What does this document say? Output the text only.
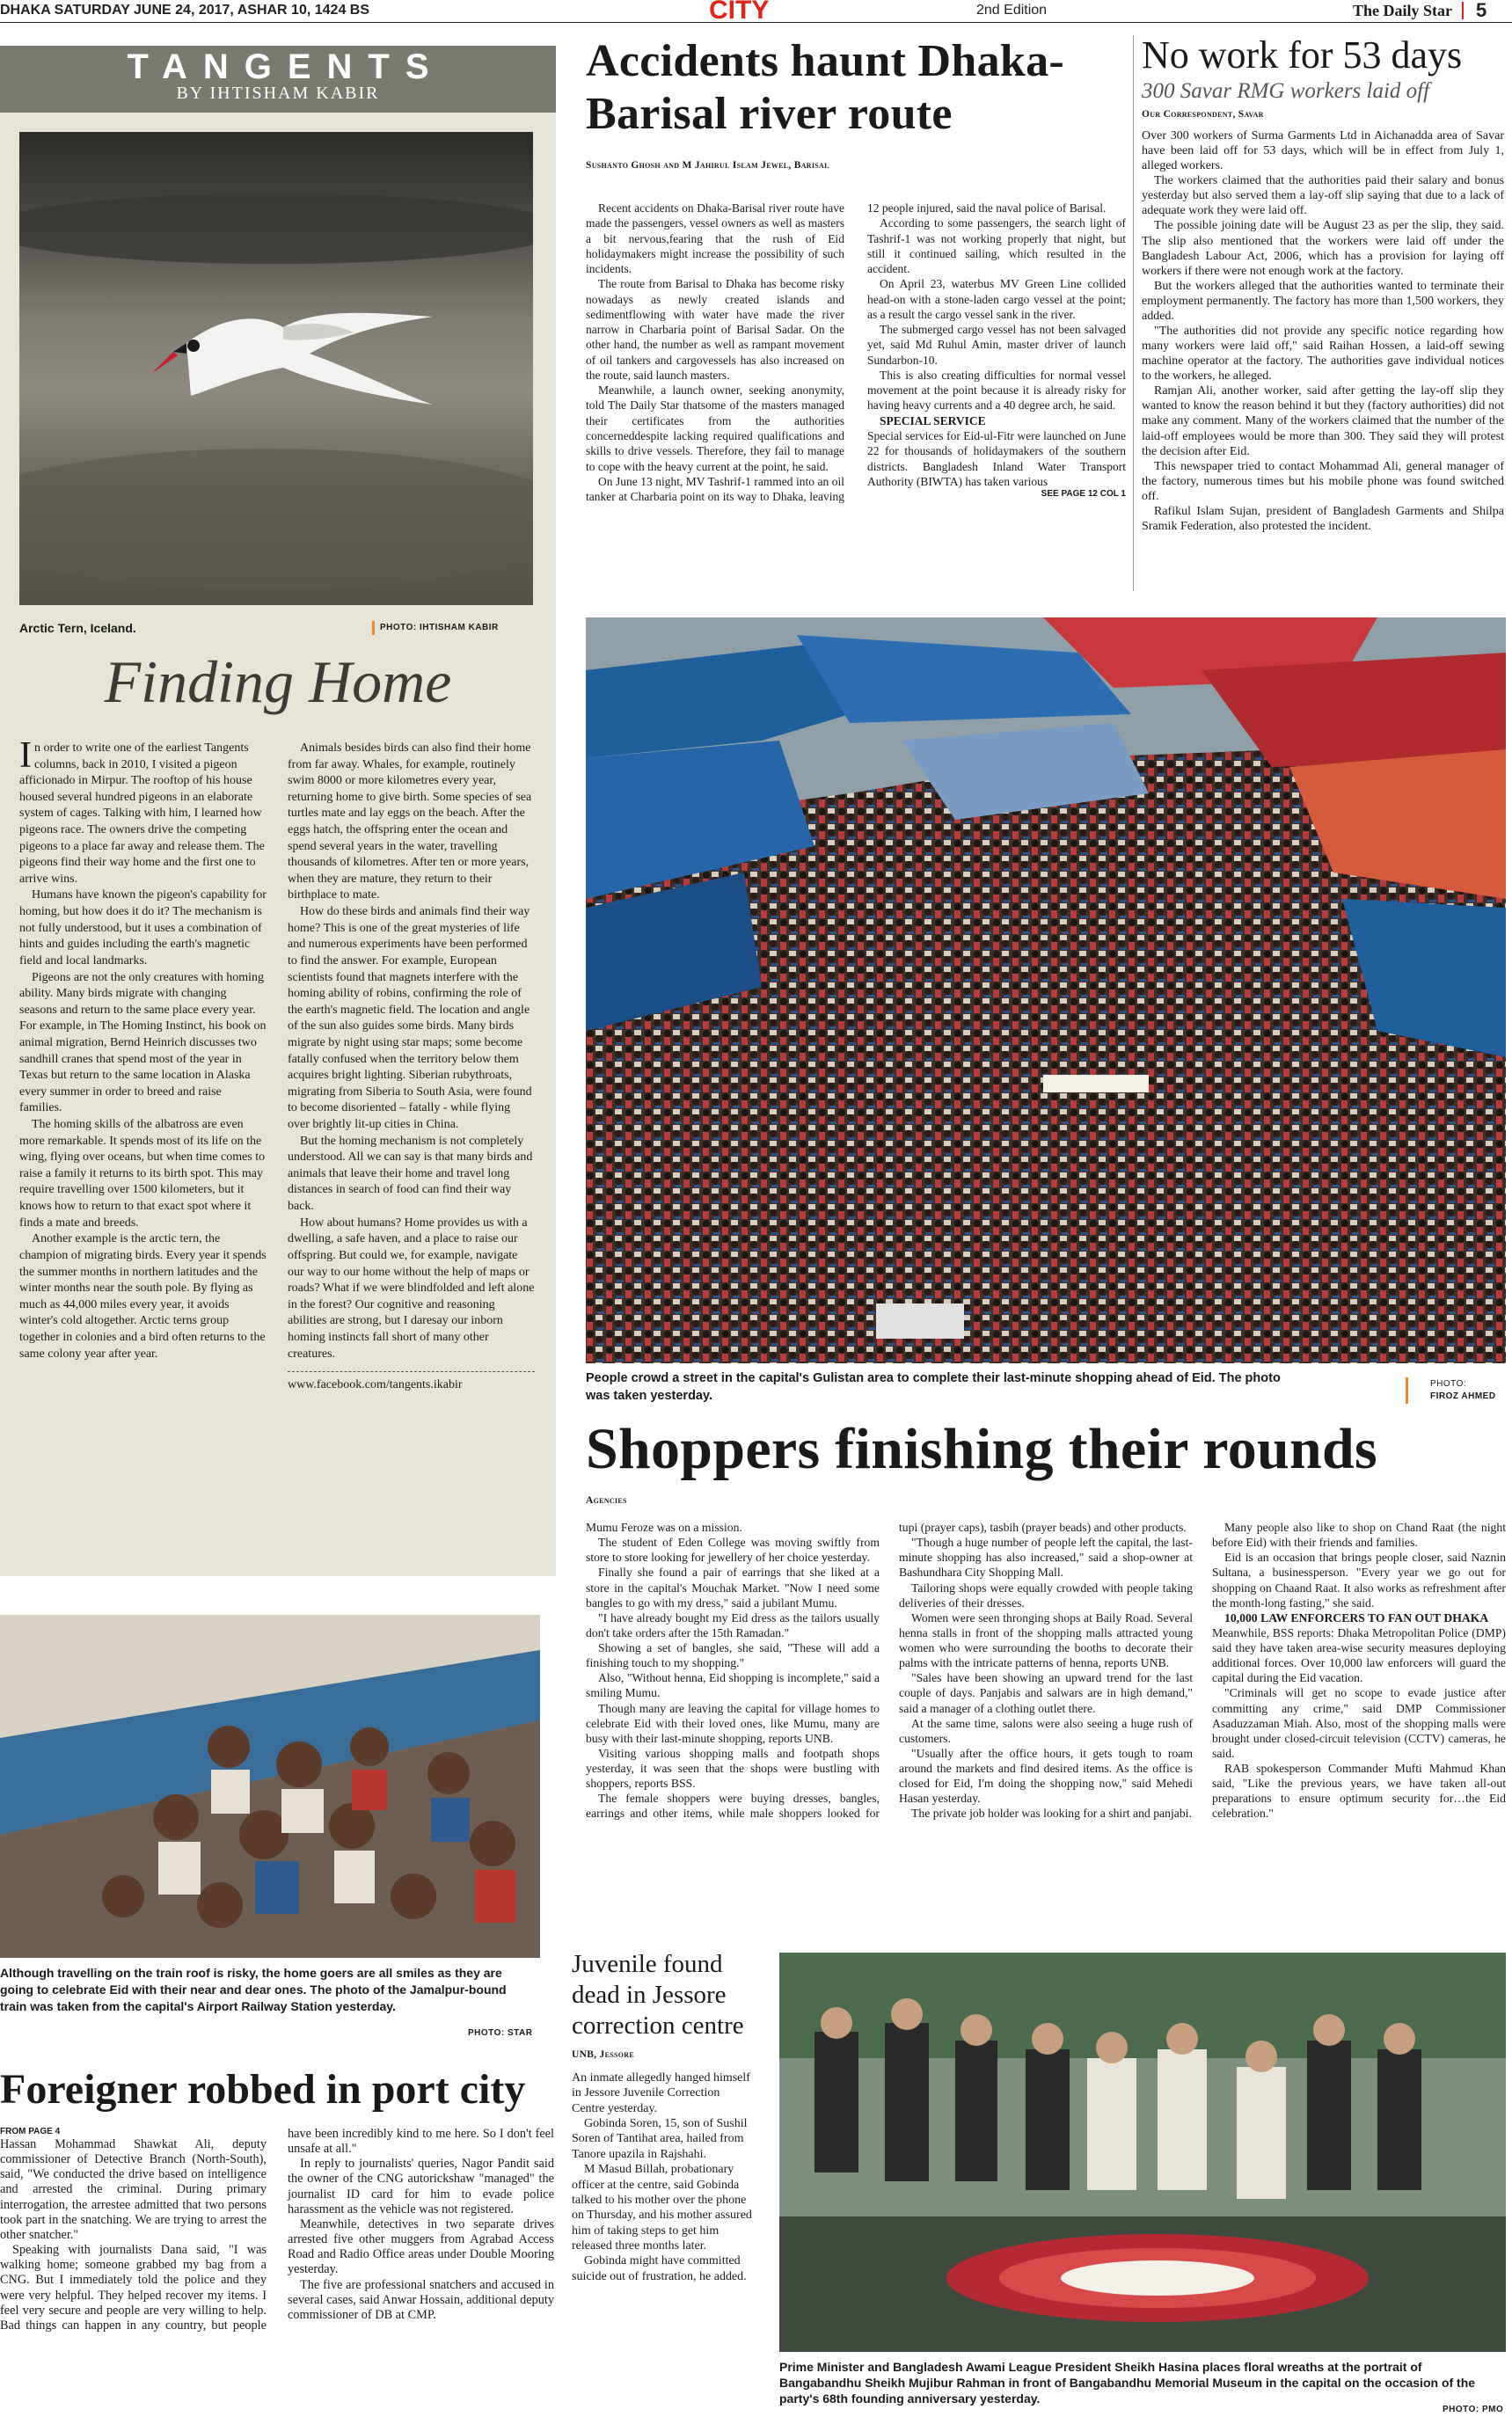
DHAKA SATURDAY JUNE 24, 2017, ASHAR 10, 1424 BS	CITY	2nd Edition	The Daily Star 5
TANGENTS
BY IHTISHAM KABIR
Arctic Tern, Iceland.	PHOTO: IHTISHAM KABIR
Finding Home

In order to write one of the earliest Tangents columns, back in 2010, I visited a pigeon afficionado in Mirpur. The rooftop of his house housed several hundred pigeons in an elaborate system of cages. Talking with him, I learned how pigeons race. The owners drive the competing pigeons to a place far away and release them. The pigeons find their way home and the first one to arrive wins.

Humans have known the pigeon's capability for homing, but how does it do it? The mechanism is not fully understood, but it uses a combination of hints and guides including the earth's magnetic field and local landmarks.

Pigeons are not the only creatures with homing ability. Many birds migrate with changing seasons and return to the same place every year. For example, in The Homing Instinct, his book on animal migration, Bernd Heinrich discusses two sandhill cranes that spend most of the year in Texas but return to the same location in Alaska every summer in order to breed and raise families.

The homing skills of the albatross are even more remarkable. It spends most of its life on the wing, flying over oceans, but when time comes to raise a family it returns to its birth spot. This may require travelling over 1500 kilometers, but it knows how to return to that exact spot where it finds a mate and breeds.

Another example is the arctic tern, the champion of migrating birds. Every year it spends the summer months in northern latitudes and the winter months near the south pole. By flying as much as 44,000 miles every year, it avoids winter's cold altogether. Arctic terns group together in colonies and a bird often returns to the same colony year after year.

Animals besides birds can also find their home from far away. Whales, for example, routinely swim 8000 or more kilometres every year, returning home to give birth. Some species of sea turtles mate and lay eggs on the beach. After the eggs hatch, the offspring enter the ocean and spend several years in the water, travelling thousands of kilometres. After ten or more years, when they are mature, they return to their birthplace to mate.

How do these birds and animals find their way home? This is one of the great mysteries of life and numerous experiments have been performed to find the answer. For example, European scientists found that magnets interfere with the homing ability of robins, confirming the role of the earth's magnetic field. The location and angle of the sun also guides some birds. Many birds migrate by night using star maps; some become fatally confused when the territory below them acquires bright lighting. Siberian rubythroats, migrating from Siberia to South Asia, were found to become disoriented – fatally - while flying over brightly lit-up cities in China.

But the homing mechanism is not completely understood. All we can say is that many birds and animals that leave their home and travel long distances in search of food can find their way back.

How about humans? Home provides us with a dwelling, a safe haven, and a place to raise our offspring. But could we, for example, navigate our way to our home without the help of maps or roads? What if we were blindfolded and left alone in the forest? Our cognitive and reasoning abilities are strong, but I daresay our inborn homing instincts fall short of many other creatures.

www.facebook.com/tangents.ikabir

Accidents haunt Dhaka-Barisal river route
Sushanto Ghosh and M Jahirul Islam Jewel, Barisal

Recent accidents on Dhaka-Barisal river route have made the passengers, vessel owners as well as masters a bit nervous,fearing that the rush of Eid holidaymakers might increase the possibility of such incidents.

The route from Barisal to Dhaka has become risky nowadays as newly created islands and sedimentflowing with water have made the river narrow in Charbaria point of Barisal Sadar. On the other hand, the number as well as rampant movement of oil tankers and cargovessels has also increased on the route, said launch masters.

Meanwhile, a launch owner, seeking anonymity, told The Daily Star thatsome of the masters managed their certificates from the authorities concerneddespite lacking required qualifications and skills to drive vessels. Therefore, they fail to manage to cope with the heavy current at the point, he said.

On June 13 night, MV Tashrif-1 rammed into an oil tanker at Charbaria point on its way to Dhaka, leaving 12 people injured, said the naval police of Barisal.

According to some passengers, the search light of Tashrif-1 was not working properly that night, but still it continued sailing, which resulted in the accident.

On April 23, waterbus MV Green Line collided head-on with a stone-laden cargo vessel at the point; as a result the cargo vessel sank in the river.

The submerged cargo vessel has not been salvaged yet, said Md Ruhul Amin, master driver of launch Sundarbon-10.

This is also creating difficulties for normal vessel movement at the point because it is already risky for having heavy currents and a 40 degree arch, he said.

SPECIAL SERVICE

Special services for Eid-ul-Fitr were launched on June 22 for thousands of holidaymakers of the southern districts. Bangladesh Inland Water Transport Authority (BIWTA) has taken various

SEE PAGE 12 COL 1

No work for 53 days
300 Savar RMG workers laid off
Our Correspondent, Savar

Over 300 workers of Surma Garments Ltd in Aichanadda area of Savar have been laid off for 53 days, which will be in effect from July 1, alleged workers.

The workers claimed that the authorities paid their salary and bonus yesterday but also served them a lay-off slip saying that due to a lack of adequate work they were laid off.

The possible joining date will be August 23 as per the slip, they said. The slip also mentioned that the workers were laid off under the Bangladesh Labour Act, 2006, which has a provision for laying off workers if there were not enough work at the factory.

But the workers alleged that the authorities wanted to terminate their employment permanently. The factory has more than 1,500 workers, they added.

"The authorities did not provide any specific notice regarding how many workers were laid off," said Raihan Hossen, a laid-off sewing machine operator at the factory. The authorities gave individual notices to the workers, he alleged.

Ramjan Ali, another worker, said after getting the lay-off slip they wanted to know the reason behind it but they (factory authorities) did not make any comment. Many of the workers claimed that the number of the laid-off employees would be more than 300. They said they will protest the decision after Eid.

This newspaper tried to contact Mohammad Ali, general manager of the factory, numerous times but his mobile phone was found switched off.

Rafikul Islam Sujan, president of Bangladesh Garments and Shilpa Sramik Federation, also protested the incident.

People crowd a street in the capital's Gulistan area to complete their last-minute shopping ahead of Eid. The photo was taken yesterday.
PHOTO:
FIROZ AHMED
Shoppers finishing their rounds
Agencies

Mumu Feroze was on a mission.

The student of Eden College was moving swiftly from store to store looking for jewellery of her choice yesterday.

Finally she found a pair of earrings that she liked at a store in the capital's Mouchak Market. "Now I need some bangles to go with my dress," said a jubilant Mumu.

"I have already bought my Eid dress as the tailors usually don't take orders after the 15th Ramadan."

Showing a set of bangles, she said, "These will add a finishing touch to my shopping."

Also, "Without henna, Eid shopping is incomplete," said a smiling Mumu.

Though many are leaving the capital for village homes to celebrate Eid with their loved ones, like Mumu, many are busy with their last-minute shopping, reports UNB.

Visiting various shopping malls and footpath shops yesterday, it was seen that the shops were bustling with shoppers, reports BSS.

The female shoppers were buying dresses, bangles, earrings and other items, while male shoppers looked for tupi (prayer caps), tasbih (prayer beads) and other products.

"Though a huge number of people left the capital, the last-minute shopping has also increased," said a shop-owner at Bashundhara City Shopping Mall.

Tailoring shops were equally crowded with people taking deliveries of their dresses.

Women were seen thronging shops at Baily Road. Several henna stalls in front of the shopping malls attracted young women who were surrounding the booths to decorate their palms with the intricate patterns of henna, reports UNB.

"Sales have been showing an upward trend for the last couple of days. Panjabis and salwars are in high demand," said a manager of a clothing outlet there.

At the same time, salons were also seeing a huge rush of customers.

"Usually after the office hours, it gets tough to roam around the markets and find desired items. As the office is closed for Eid, I'm doing the shopping now," said Mehedi Hasan yesterday.

The private job holder was looking for a shirt and panjabi.

Many people also like to shop on Chand Raat (the night before Eid) with their friends and families.

Eid is an occasion that brings people closer, said Naznin Sultana, a businessperson. "Every year we go out for shopping on Chaand Raat. It also works as refreshment after the month-long fasting," she said.

10,000 LAW ENFORCERS TO FAN OUT DHAKA

Meanwhile, BSS reports: Dhaka Metropolitan Police (DMP) said they have taken area-wise security measures deploying additional forces. Over 10,000 law enforcers will guard the capital during the Eid vacation.

"Criminals will get no scope to evade justice after committing any crime," said DMP Commissioner Asaduzzaman Miah. Also, most of the shopping malls were brought under closed-circuit television (CCTV) cameras, he said.

RAB spokesperson Commander Mufti Mahmud Khan said, "Like the previous years, we have taken all-out preparations to ensure optimum security for…the Eid celebration."

Although travelling on the train roof is risky, the home goers are all smiles as they are going to celebrate Eid with their near and dear ones. The photo of the Jamalpur-bound train was taken from the capital's Airport Railway Station yesterday.
PHOTO: STAR
Foreigner robbed in port city

FROM PAGE 4

Hassan Mohammad Shawkat Ali, deputy commissioner of Detective Branch (North-South), said, "We conducted the drive based on intelligence and arrested the criminal. During primary interrogation, the arrestee admitted that two persons took part in the snatching. We are trying to arrest the other snatcher."

Speaking with journalists Dana said, "I was walking home; someone grabbed my bag from a CNG. But I immediately told the police and they were very helpful. They helped recover my items. I feel very secure and people are very willing to help. Bad things can happen in any country, but people have been incredibly kind to me here. So I don't feel unsafe at all."

In reply to journalists' queries, Nagor Pandit said the owner of the CNG autorickshaw "managed" the journalist ID card for him to evade police harassment as the vehicle was not registered.

Meanwhile, detectives in two separate drives arrested five other muggers from Agrabad Access Road and Radio Office areas under Double Mooring yesterday.

The five are professional snatchers and accused in several cases, said Anwar Hossain, additional deputy commissioner of DB at CMP.

Juvenile found dead in Jessore correction centre
UNB, Jessore

An inmate allegedly hanged himself in Jessore Juvenile Correction Centre yesterday.

Gobinda Soren, 15, son of Sushil Soren of Tantihat area, hailed from Tanore upazila in Rajshahi.

M Masud Billah, probationary officer at the centre, said Gobinda talked to his mother over the phone on Thursday, and his mother assured him of taking steps to get him released three months later.

Gobinda might have committed suicide out of frustration, he added.

Prime Minister and Bangladesh Awami League President Sheikh Hasina places floral wreaths at the portrait of Bangabandhu Sheikh Mujibur Rahman in front of Bangabandhu Memorial Museum in the capital on the occasion of the party's 68th founding anniversary yesterday.
PHOTO: PMO
